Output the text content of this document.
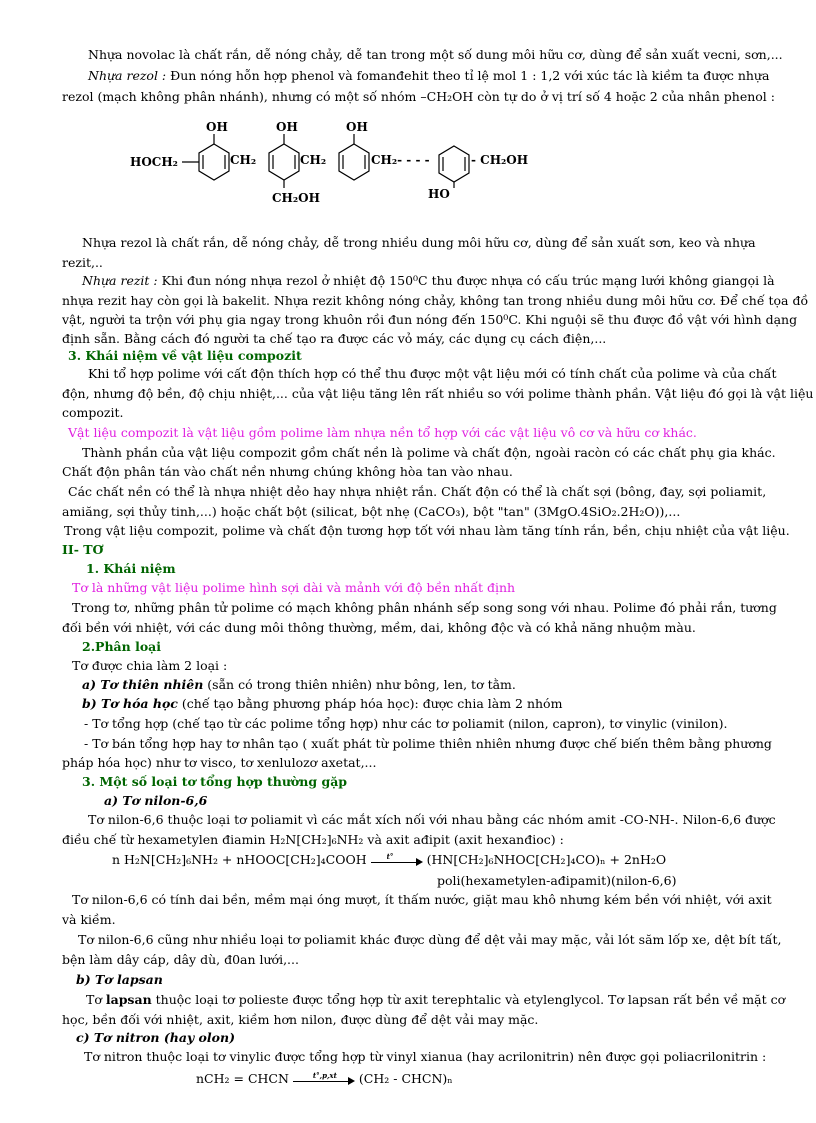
Nhựa novolac là chất rắn, dễ nóng chảy, dễ tan trong một số dung môi hữu cơ, dùng để sản xuất vecni, sơn,...
Nhựa rezol : Đun nóng hỗn hợp phenol và fomanđehit theo tỉ lệ mol 1 : 1,2 với xúc tác là kiềm ta được nhựa
rezol (mạch không phân nhánh), nhưng có một số nhóm –CH₂OH còn tự do ở vị trí số 4 hoặc 2 của nhân phenol :
OH	OH	OH
HOCH₂	CH₂	CH₂	CH₂- - - -
CH₂OH
- CH₂OH
HO
Nhựa rezol là chất rắn, dễ nóng chảy, dễ trong nhiều dung môi hữu cơ, dùng để sản xuất sơn, keo và nhựa
rezit,..
Nhựa rezit : Khi đun nóng nhựa rezol ở nhiệt độ 150⁰C thu được nhựa có cấu trúc mạng lưới không giangọi là
nhựa rezit hay còn gọi là bakelit. Nhựa rezit không nóng chảy, không tan trong nhiều dung môi hữu cơ. Để chế tọa đồ
vật, người ta trộn với phụ gia ngay trong khuôn rồi đun nóng đến 150⁰C. Khi nguội sẽ thu được đồ vật với hình dạng
định sẵn. Bằng cách đó người ta chế tạo ra được các vỏ máy, các dụng cụ cách điện,...
3. Khái niệm về vật liệu compozit
Khi tổ hợp polime với cất độn thích hợp có thể thu được một vật liệu mới có tính chất của polime và của chất
độn, nhưng độ bền, độ chịu nhiệt,... của vật liệu tăng lên rất nhiều so với polime thành phần. Vật liệu đó gọi là vật liệu
compozit.
Vật liệu compozit là vật liệu gồm polime làm nhựa nền tổ hợp với các vật liệu vô cơ và hữu cơ khác.
Thành phần của vật liệu compozit gồm chất nền là polime và chất độn, ngoài racòn có các chất phụ gia khác.
Chất độn phân tán vào chất nền nhưng chúng không hòa tan vào nhau.
Các chất nền có thể là nhựa nhiệt dẻo hay nhựa nhiệt rắn. Chất độn có thể là chất sợi (bông, đay, sợi poliamit,
amiăng, sợi thủy tinh,...) hoặc chất bột (silicat, bột nhẹ (CaCO₃), bột "tan" (3MgO.4SiO₂.2H₂O)),...
Trong vật liệu compozit, polime và chất độn tương hợp tốt với nhau làm tăng tính rắn, bền, chịu nhiệt của vật liệu.
II- TƠ
1. Khái niệm
Tơ là những vật liệu polime hình sợi dài và mảnh với độ bền nhất định
Trong tơ, những phân tử polime có mạch không phân nhánh sếp song song với nhau. Polime đó phải rắn, tương
đối bền với nhiệt, với các dung môi thông thường, mềm, dai, không độc và có khả năng nhuộm màu.
2.Phân loại
Tơ được chia làm 2 loại :
a) Tơ thiên nhiên (sẵn có trong thiên nhiên) như bông, len, tơ tằm.
b) Tơ hóa học (chế tạo bằng phương pháp hóa học): được chia làm 2 nhóm
- Tơ tổng hợp (chế tạo từ các polime tổng hợp) như các tơ poliamit (nilon, capron), tơ vinylic (vinilon).
- Tơ bán tổng hợp hay tơ nhân tạo ( xuất phát từ polime thiên nhiên nhưng được chế biến thêm bằng phương
pháp hóa học) như tơ visco, tơ xenlulozơ axetat,...
3. Một số loại tơ tổng hợp thường gặp
a) Tơ nilon-6,6
Tơ nilon-6,6 thuộc loại tơ poliamit vì các mắt xích nối với nhau bằng các nhóm amit -CO-NH-. Nilon-6,6 được
điều chế từ hexametylen điamin H₂N[CH₂]₆NH₂ và axit ađipit (axit hexanđioc) :
n H₂N[CH₂]₆NH₂ + nHOOC[CH₂]₄COOH	t°	(HN[CH₂]₆NHOC[CH₂]₄CO)ₙ + 2nH₂O
poli(hexametylen-ađipamit)(nilon-6,6)
Tơ nilon-6,6 có tính dai bền, mềm mại óng mượt, ít thấm nước, giặt mau khô nhưng kém bền với nhiệt, với axit
và kiềm.
Tơ nilon-6,6 cũng như nhiều loại tơ poliamit khác được dùng để dệt vải may mặc, vải lót săm lốp xe, dệt bít tất,
bện làm dây cáp, dây dù, đ0an lưới,...
b) Tơ lapsan
Tơ lapsan thuộc loại tơ polieste được tổng hợp từ axit terephtalic và etylenglycol. Tơ lapsan rất bền về mặt cơ
học, bền đối với nhiệt, axit, kiềm hơn nilon, được dùng để dệt vải may mặc.
c) Tơ nitron (hay olon)
Tơ nitron thuộc loại tơ vinylic được tổng hợp từ vinyl xianua (hay acrilonitrin) nên được gọi poliacrilonitrin :
nCH₂ = CHCN	t°,p,xt (CH₂ - CHCN)ₙ
